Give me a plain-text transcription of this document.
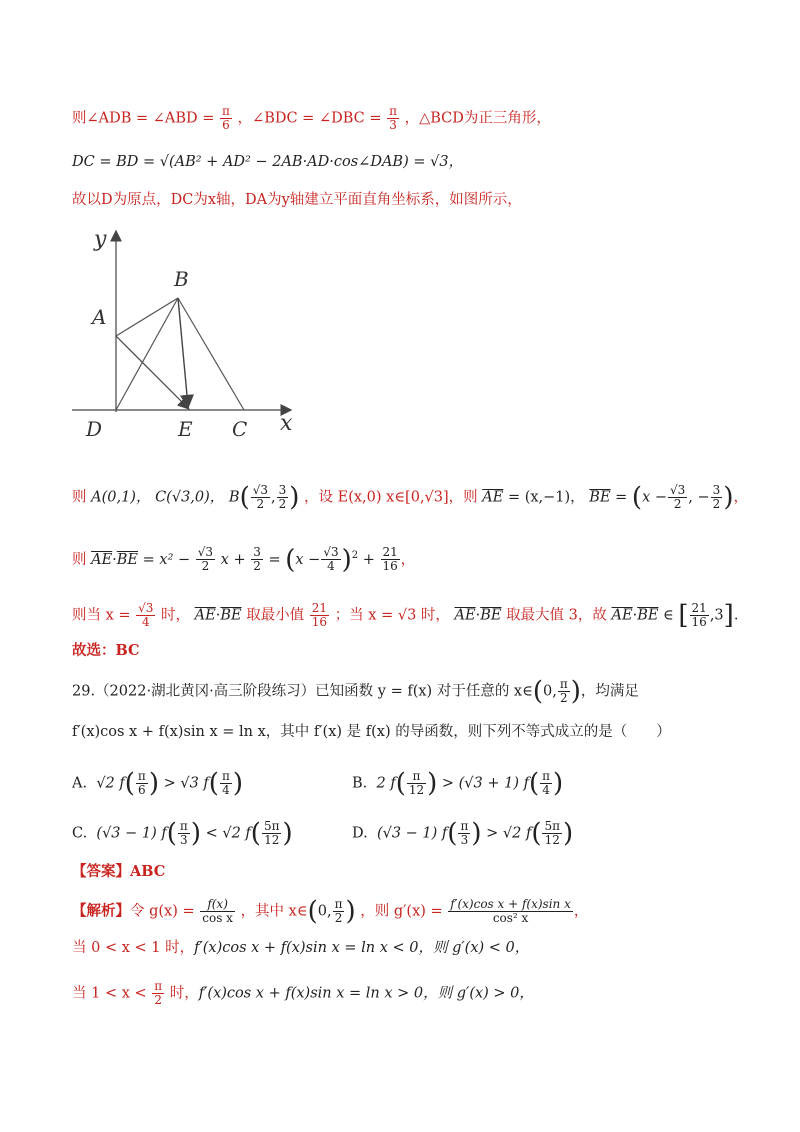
则∠ADB = ∠ABD = $\frac{\pi}{6}$ ，∠BDC = ∠DBC = $\frac{\pi}{3}$ ，△BCD为正三角形，
DC = BD = √(AB² + AD² − 2AB·AD·cos∠DAB) = √3，
故以D为原点，DC为x轴，DA为y轴建立平面直角坐标系，如图所示，
y
x
A
B
D	E C
则 A(0,1)， C(√3,0)， $B( \frac{√3}{2}$ , $\frac{3}{2}$ ) ，设 E(x,0) x∈[0,√3]，则 $\overline{AE} = (x,-1)$， $\overline{BE} = (x - \frac{√3}{2}$ , − $\frac{3}{2}$ )，
则 $\overline{AE}\cdot\overline{BE} = x^2 - \frac{√3}{2}$ $x + \frac{3}{2} = (x - \frac{√3}{4} )^2 + \frac{21}{16}$ ，
则当 $x = \frac{√3}{4}$ 时， $\overline{AE}\cdot\overline{BE}$ 取最小值 $\frac{21}{16}$ ；当 x = √3 时， $\overline{AE}\cdot\overline{BE}$ 取最大值 3，故 $\overline{AE}\cdot\overline{BE}$ ∈ [ $\frac{21}{16} ,3$].
故选：BC
29.（2022·湖北黄冈·高三阶段练习）已知函数 y = f(x) 对于任意的 x∈(0, $\frac{\pi}{2}$ )，均满足
f′(x)cos x + f(x)sin x = ln x，其中 f′(x) 是 f(x) 的导函数，则下列不等式成立的是（　　）
A. √2 $f( \frac{\pi}{6}$ ) > √3 $f( \frac{\pi}{4}$ )	B. 2 $f( \frac{\pi}{12}$ ) > (√3 + 1) $f( \frac{\pi}{4}$ )
C. (√3 − 1) $f( \frac{\pi}{3}$ ) < √2 $f( \frac{5\pi}{12}$ )	D. (√3 − 1) $f( \frac{\pi}{3}$ ) > √2 $f( \frac{5\pi}{12}$ )
【答案】ABC
【解析】令 $g(x) = \frac{f(x)}{\text{cos x}}$ ，其中 x∈(0, $\frac{\pi}{2}$ ) ，则 $g'(x) = \frac{\text{f′(x)cos x + f(x)sin x}}{\text{cos² x}}$ ，
当 0 < x < 1 时，f′(x)cos x + f(x)sin x = ln x < 0，则 g′(x) < 0，
当 $1 < x < \frac{\pi}{2}$ 时，f′(x)cos x + f(x)sin x = ln x > 0，则 g′(x) > 0，
